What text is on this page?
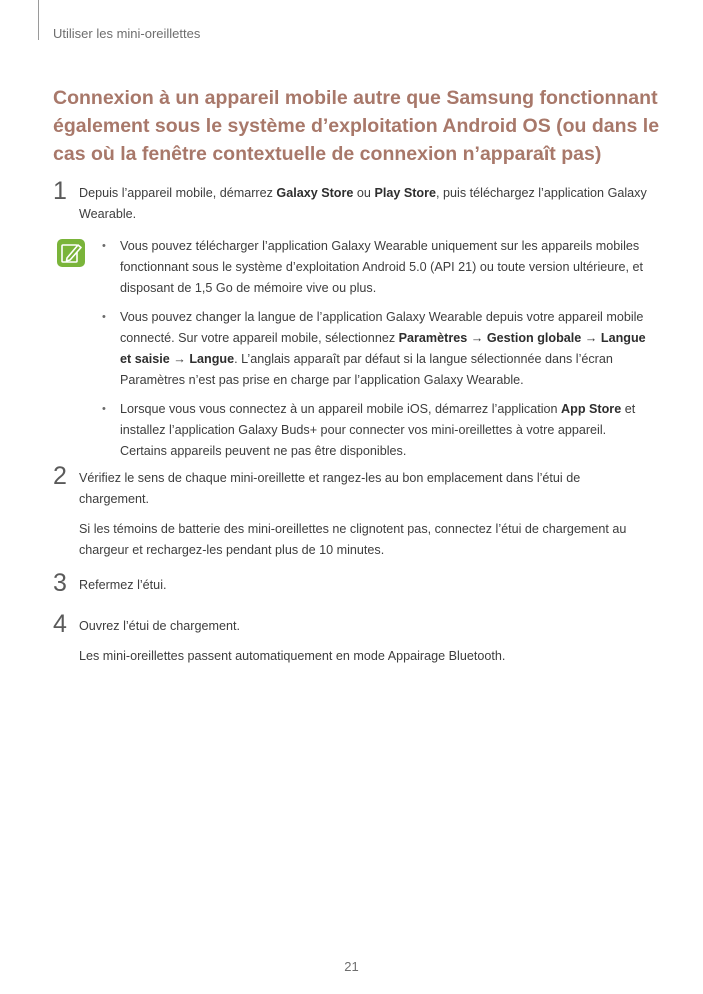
Utiliser les mini-oreillettes
Connexion à un appareil mobile autre que Samsung fonctionnant également sous le système d’exploitation Android OS (ou dans le cas où la fenêtre contextuelle de connexion n’apparaît pas)
1 Depuis l’appareil mobile, démarrez Galaxy Store ou Play Store, puis téléchargez l’application Galaxy Wearable.

• Vous pouvez télécharger l’application Galaxy Wearable uniquement sur les appareils mobiles fonctionnant sous le système d’exploitation Android 5.0 (API 21) ou toute version ultérieure, et disposant de 1,5 Go de mémoire vive ou plus.
• Vous pouvez changer la langue de l’application Galaxy Wearable depuis votre appareil mobile connecté. Sur votre appareil mobile, sélectionnez Paramètres → Gestion globale → Langue et saisie → Langue. L’anglais apparaît par défaut si la langue sélectionnée dans l’écran Paramètres n’est pas prise en charge par l’application Galaxy Wearable.
• Lorsque vous vous connectez à un appareil mobile iOS, démarrez l’application App Store et installez l’application Galaxy Buds+ pour connecter vos mini-oreillettes à votre appareil. Certains appareils peuvent ne pas être disponibles.
2 Vérifiez le sens de chaque mini-oreillette et rangez-les au bon emplacement dans l’étui de chargement.

Si les témoins de batterie des mini-oreillettes ne clignotent pas, connectez l’étui de chargement au chargeur et rechargez-les pendant plus de 10 minutes.

3 Refermez l’étui.

4 Ouvrez l’étui de chargement.

Les mini-oreillettes passent automatiquement en mode Appairage Bluetooth.

21
